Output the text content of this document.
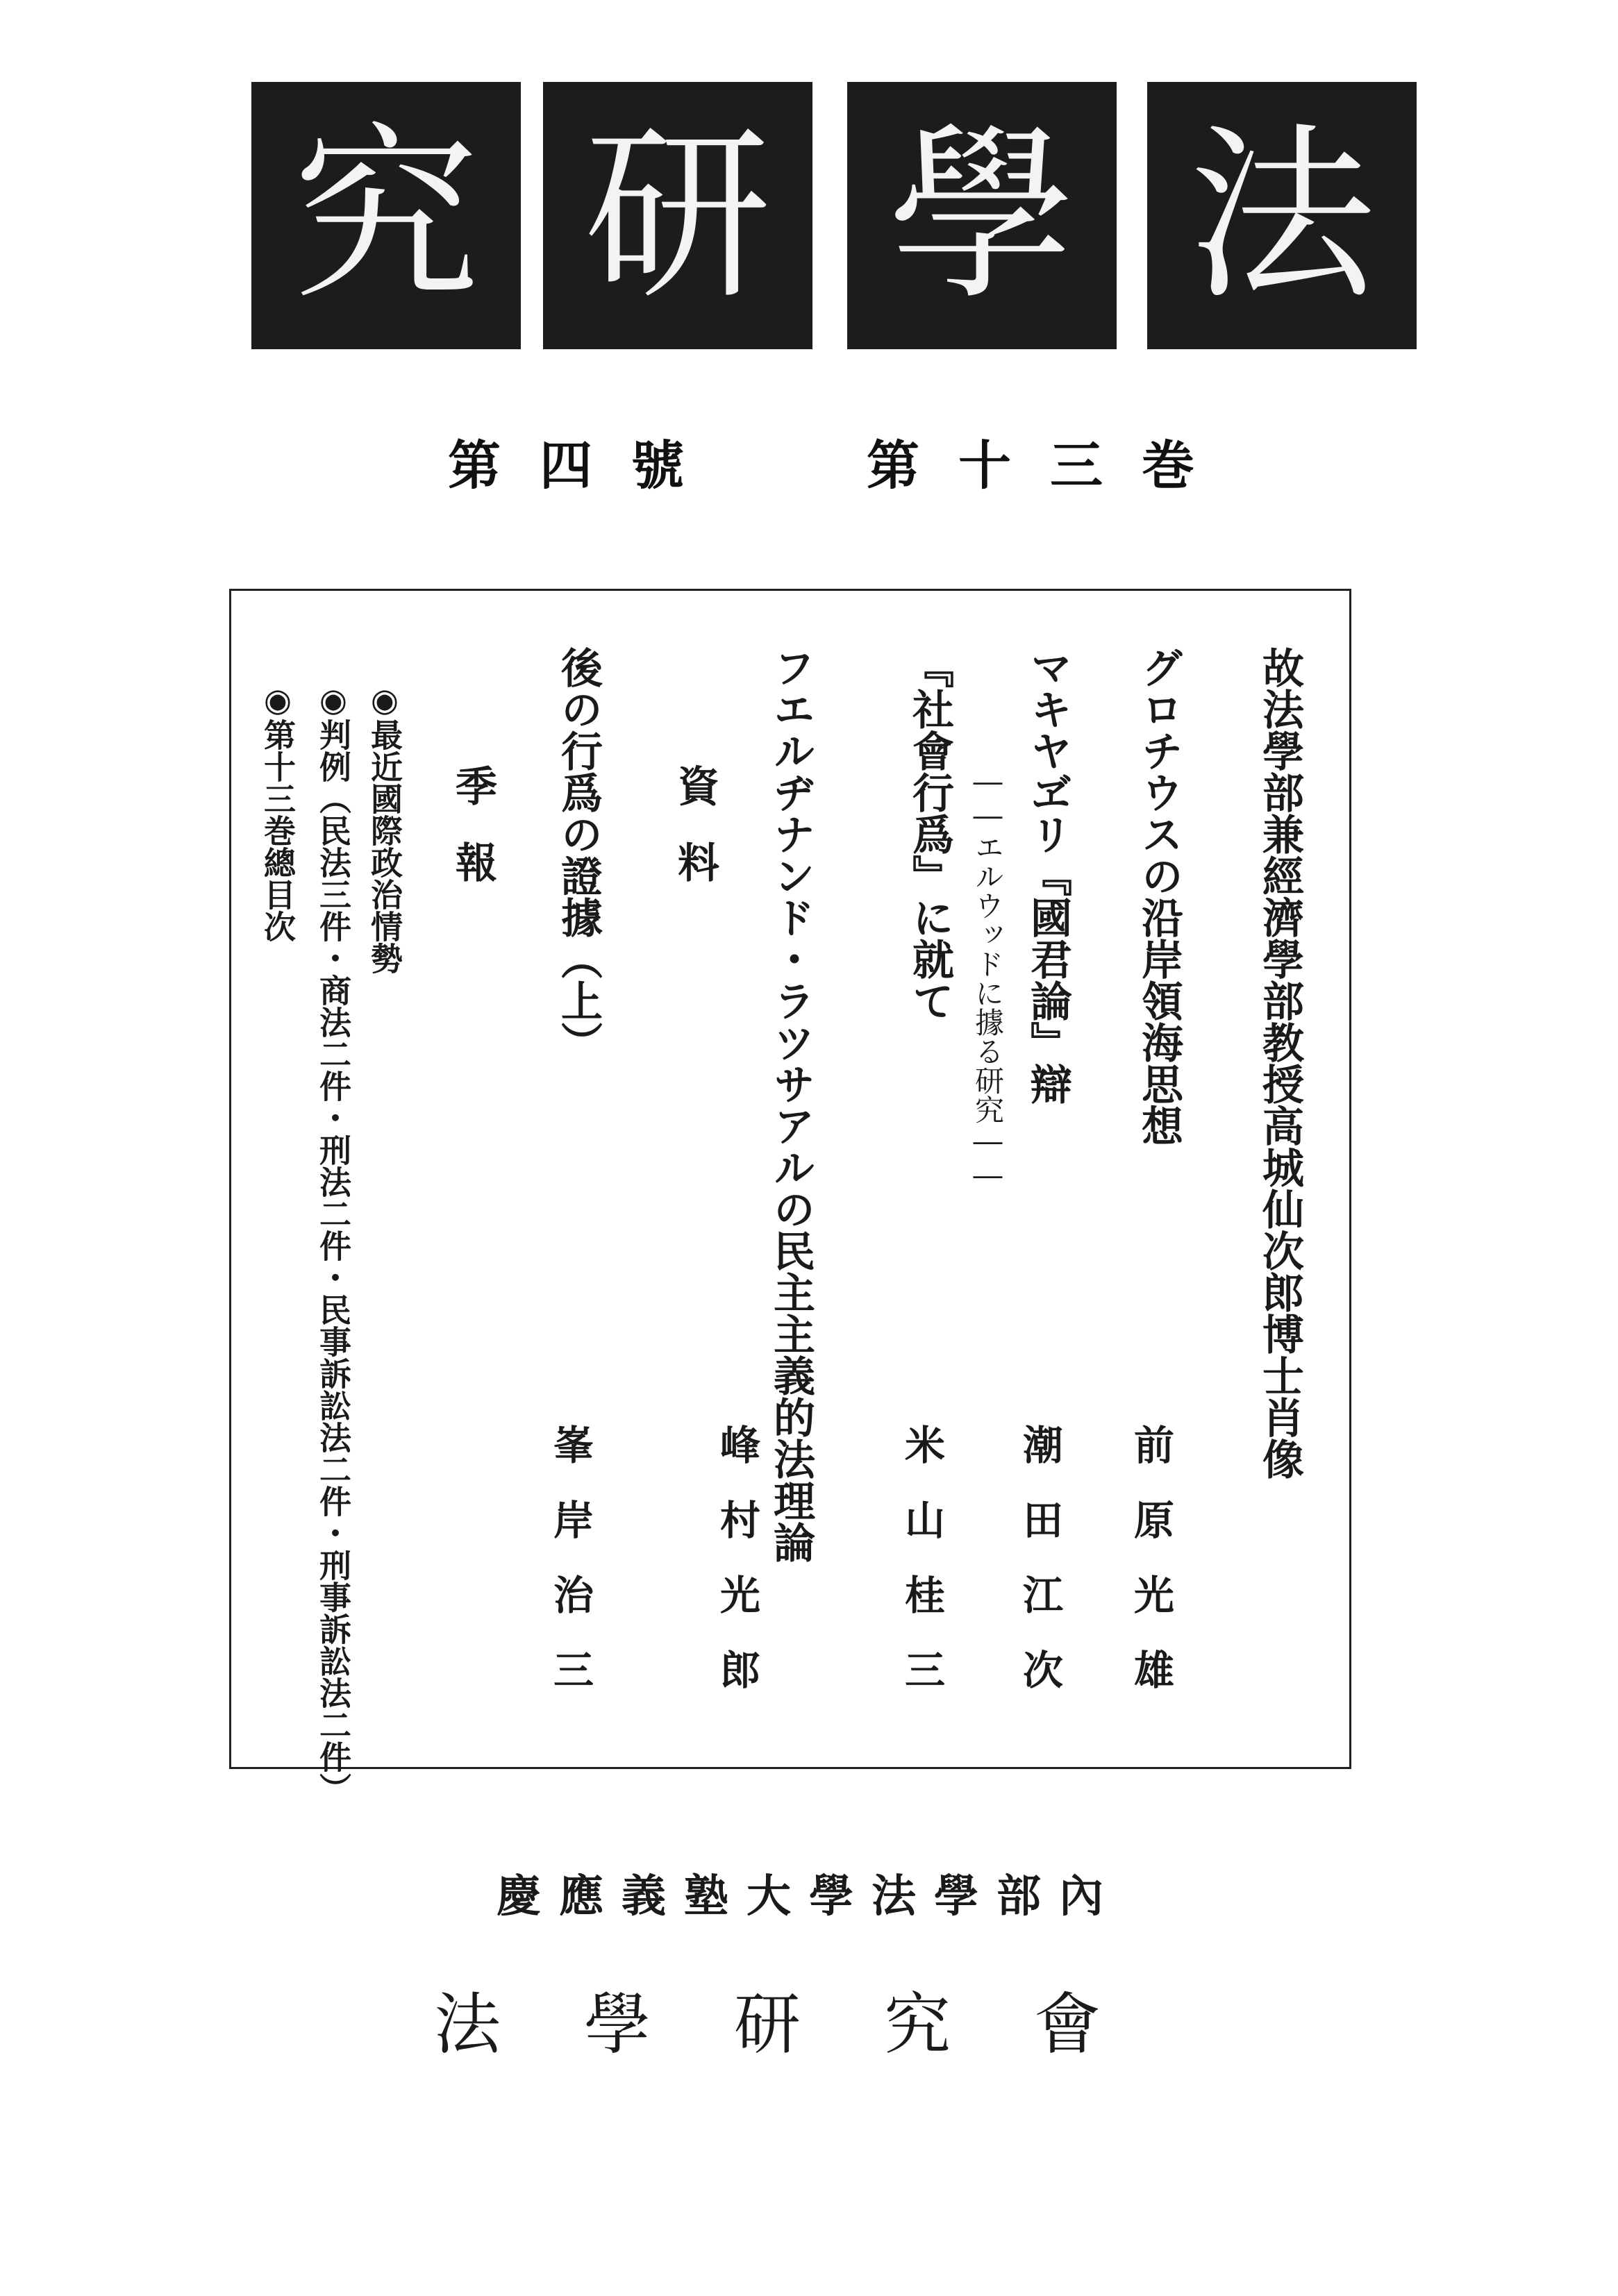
究 研 學 法
第四號	第十三巻
故法學部兼經濟學部教授高城仙次郎博士肖像
グロチウスの沿岸領海思想
前原光雄
マキヤヹリ『國君論』辯
潮田江次
『社會行爲』に就て ――エルウッドに據る研究――
米山桂三
フエルヂナンド・ラツサアルの民主主義的法理論
峰村光郎
資料
後の行爲の證據（上）
峯岸治三
季報
◉最近國際政治情勢
◉判例（民法三件・商法二件・刑法二件・民事訴訟法二件・刑事訴訟法二件）
◉第十三巻總目次
慶應義塾大學法學部內
法學研究會
